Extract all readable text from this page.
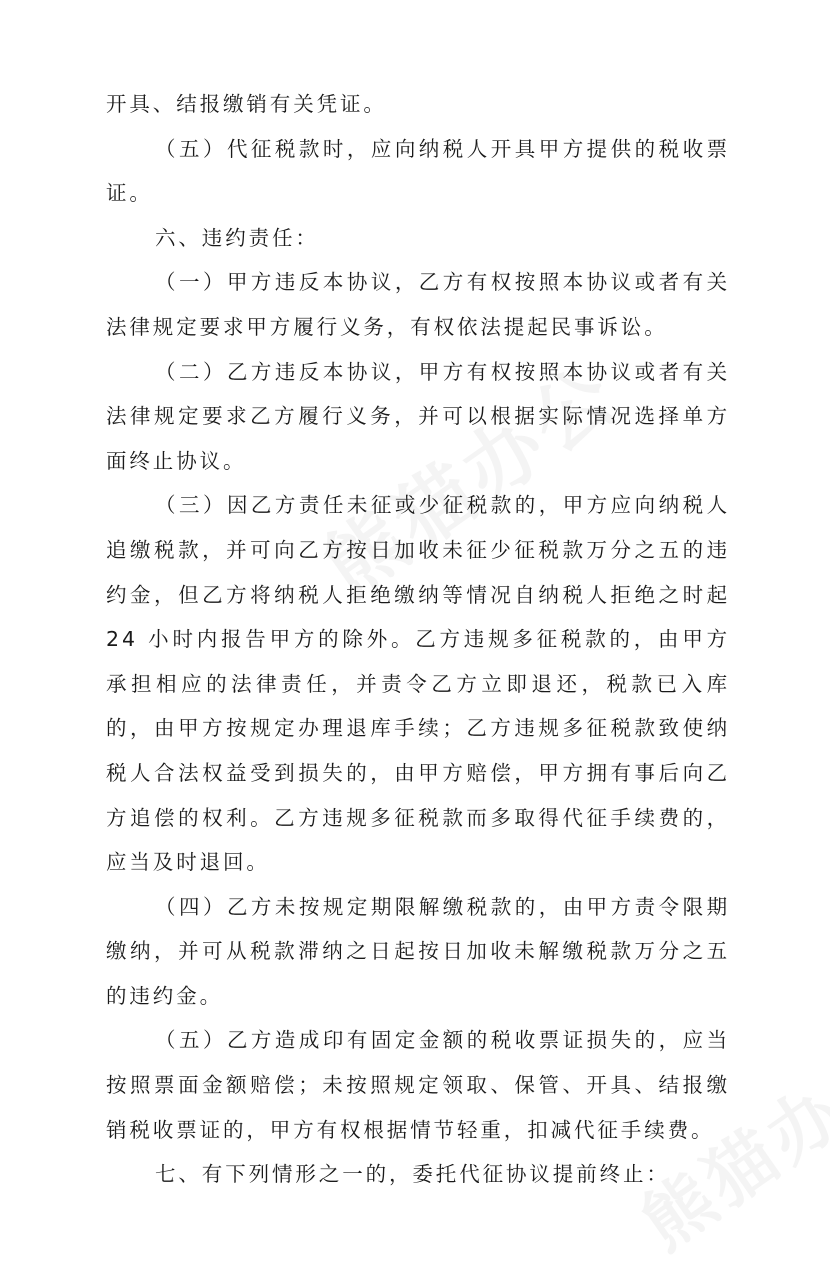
开具、结报缴销有关凭证。

（五）代征税款时，应向纳税人开具甲方提供的税收票证。

六、违约责任：

（一）甲方违反本协议，乙方有权按照本协议或者有关法律规定要求甲方履行义务，有权依法提起民事诉讼。

（二）乙方违反本协议，甲方有权按照本协议或者有关法律规定要求乙方履行义务，并可以根据实际情况选择单方面终止协议。

（三）因乙方责任未征或少征税款的，甲方应向纳税人追缴税款，并可向乙方按日加收未征少征税款万分之五的违约金，但乙方将纳税人拒绝缴纳等情况自纳税人拒绝之时起 24 小时内报告甲方的除外。乙方违规多征税款的，由甲方承担相应的法律责任，并责令乙方立即退还，税款已入库的，由甲方按规定办理退库手续；乙方违规多征税款致使纳税人合法权益受到损失的，由甲方赔偿，甲方拥有事后向乙方追偿的权利。乙方违规多征税款而多取得代征手续费的，应当及时退回。

（四）乙方未按规定期限解缴税款的，由甲方责令限期缴纳，并可从税款滞纳之日起按日加收未解缴税款万分之五的违约金。

（五）乙方造成印有固定金额的税收票证损失的，应当按照票面金额赔偿；未按照规定领取、保管、开具、结报缴销税收票证的，甲方有权根据情节轻重，扣减代征手续费。

七、有下列情形之一的，委托代征协议提前终止：
